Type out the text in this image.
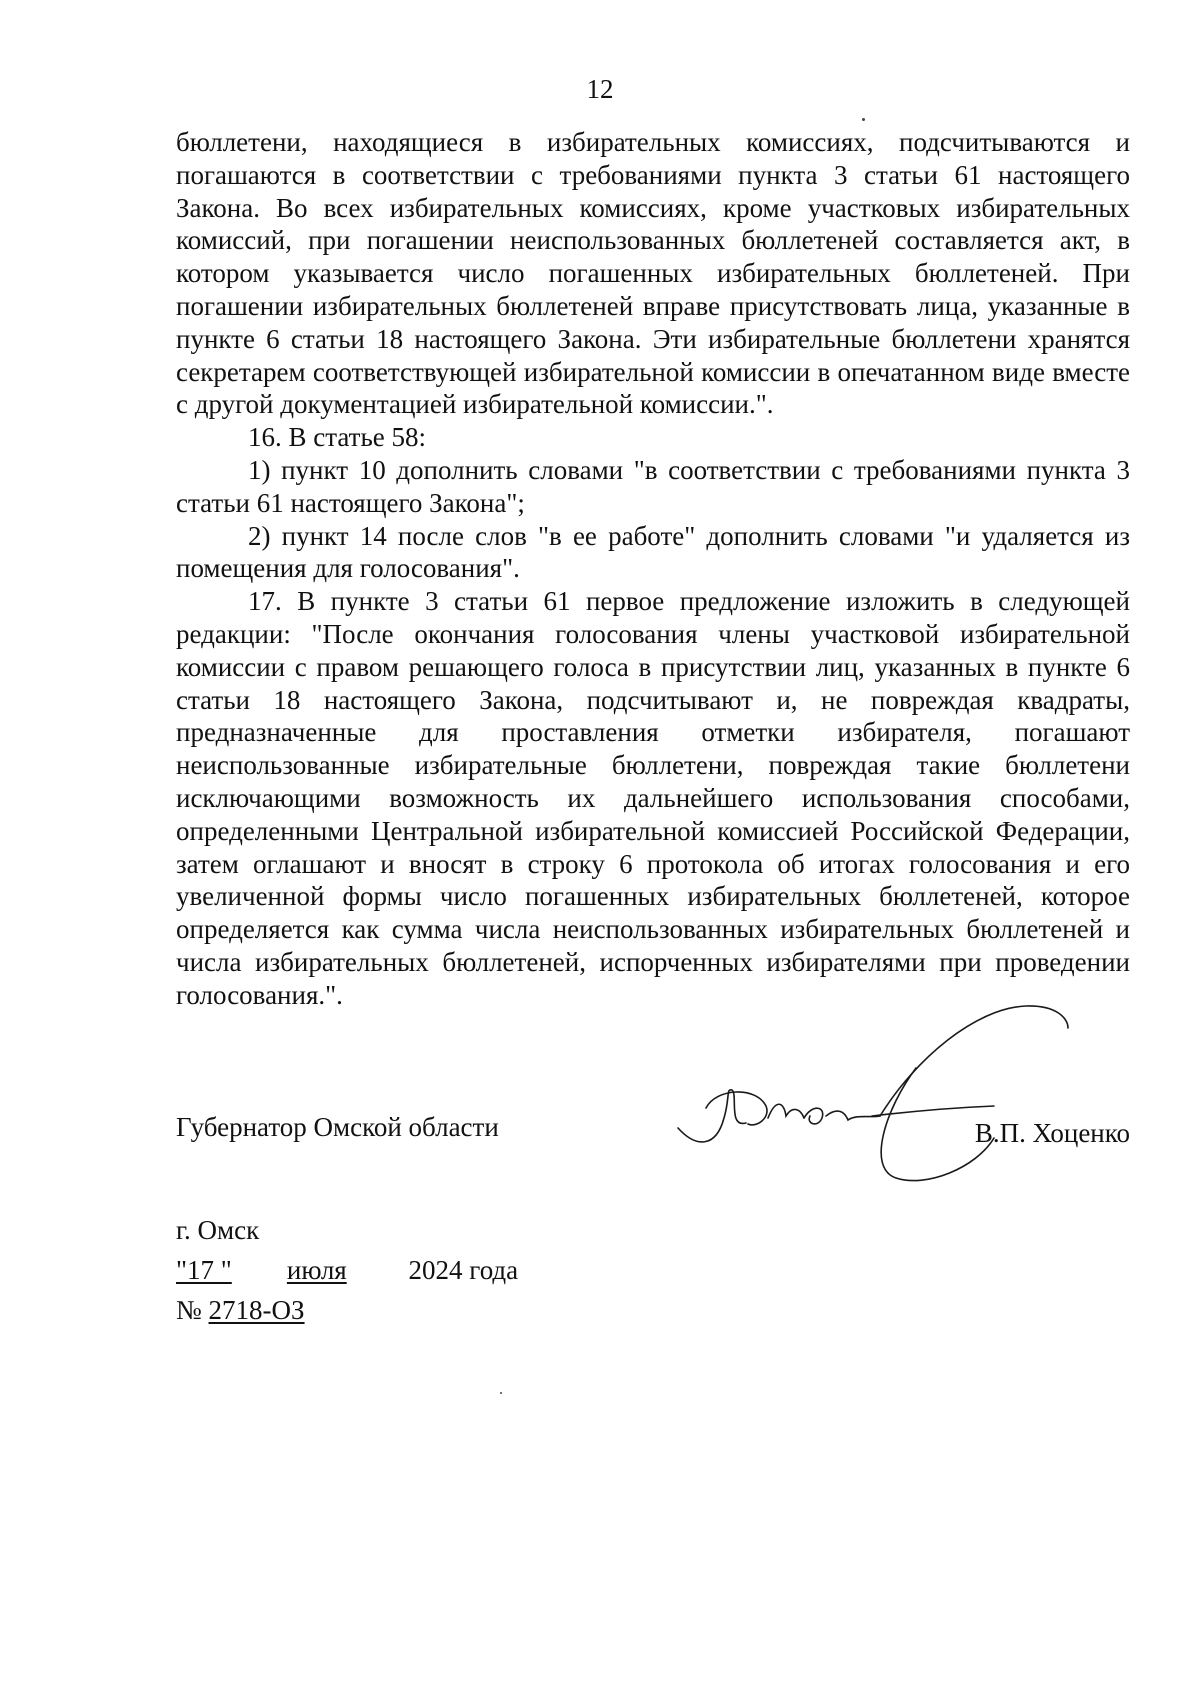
12

бюллетени, находящиеся в избирательных комиссиях, подсчитываются и погашаются в соответствии с требованиями пункта 3 статьи 61 настоящего Закона. Во всех избирательных комиссиях, кроме участковых избирательных комиссий, при погашении неиспользованных бюллетеней составляется акт, в котором указывается число погашенных избирательных бюллетеней. При погашении избирательных бюллетеней вправе присутствовать лица, указанные в пункте 6 статьи 18 настоящего Закона. Эти избирательные бюллетени хранятся секретарем соответствующей избирательной комиссии в опечатанном виде вместе с другой документацией избирательной комиссии.".

16. В статье 58:

1) пункт 10 дополнить словами "в соответствии с требованиями пункта 3 статьи 61 настоящего Закона";

2) пункт 14 после слов "в ее работе" дополнить словами "и удаляется из помещения для голосования".

17. В пункте 3 статьи 61 первое предложение изложить в следующей редакции: "После окончания голосования члены участковой избирательной комиссии с правом решающего голоса в присутствии лиц, указанных в пункте 6 статьи 18 настоящего Закона, подсчитывают и, не повреждая квадраты, предназначенные для проставления отметки избирателя, погашают неиспользованные избирательные бюллетени, повреждая такие бюллетени исключающими возможность их дальнейшего использования способами, определенными Центральной избирательной комиссией Российской Федерации, затем оглашают и вносят в строку 6 протокола об итогах голосования и его увеличенной формы число погашенных избирательных бюллетеней, которое определяется как сумма числа неиспользованных избирательных бюллетеней и числа избирательных бюллетеней, испорченных избирателями при проведении голосования.".

Губернатор Омской области	В.П. Хоценко
г. Омск
"17 " июля 2024 года
№ 2718-ОЗ
